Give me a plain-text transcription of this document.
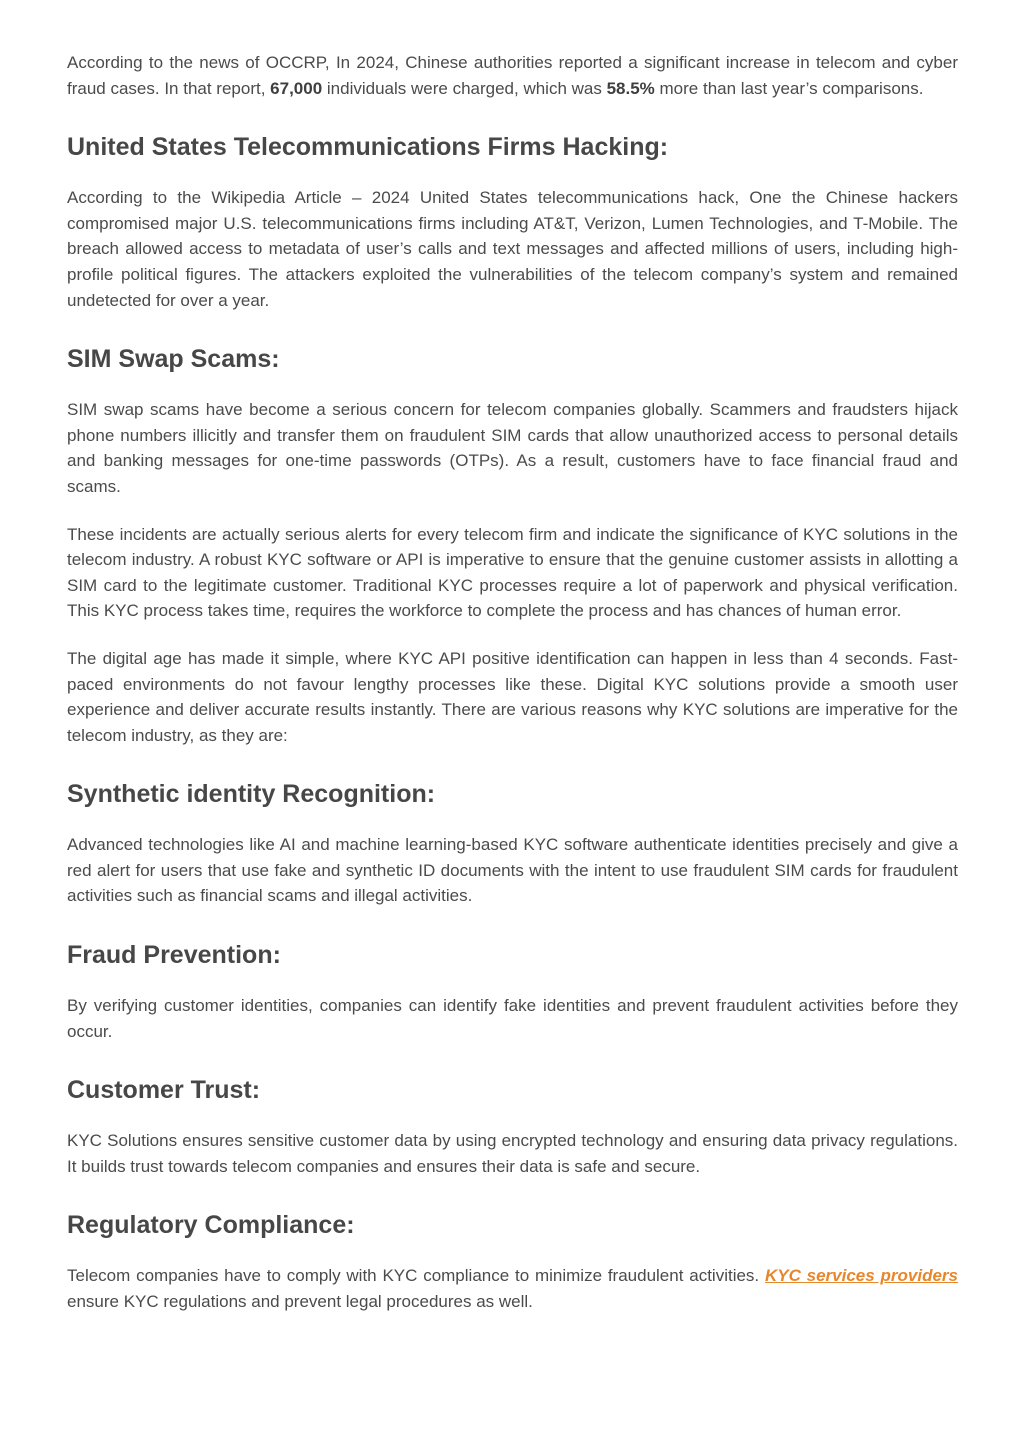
According to the news of OCCRP, In 2024, Chinese authorities reported a significant increase in telecom and cyber fraud cases. In that report, 67,000 individuals were charged, which was 58.5% more than last year’s comparisons.

United States Telecommunications Firms Hacking:

According to the Wikipedia Article – 2024 United States telecommunications hack, One the Chinese hackers compromised major U.S. telecommunications firms including AT&T, Verizon, Lumen Technologies, and T-Mobile. The breach allowed access to metadata of user’s calls and text messages and affected millions of users, including high-profile political figures. The attackers exploited the vulnerabilities of the telecom company’s system and remained undetected for over a year.

SIM Swap Scams:

SIM swap scams have become a serious concern for telecom companies globally. Scammers and fraudsters hijack phone numbers illicitly and transfer them on fraudulent SIM cards that allow unauthorized access to personal details and banking messages for one-time passwords (OTPs). As a result, customers have to face financial fraud and scams.

These incidents are actually serious alerts for every telecom firm and indicate the significance of KYC solutions in the telecom industry. A robust KYC software or API is imperative to ensure that the genuine customer assists in allotting a SIM card to the legitimate customer. Traditional KYC processes require a lot of paperwork and physical verification. This KYC process takes time, requires the workforce to complete the process and has chances of human error.

The digital age has made it simple, where KYC API positive identification can happen in less than 4 seconds. Fast-paced environments do not favour lengthy processes like these. Digital KYC solutions provide a smooth user experience and deliver accurate results instantly. There are various reasons why KYC solutions are imperative for the telecom industry, as they are:

Synthetic identity Recognition:

Advanced technologies like AI and machine learning-based KYC software authenticate identities precisely and give a red alert for users that use fake and synthetic ID documents with the intent to use fraudulent SIM cards for fraudulent activities such as financial scams and illegal activities.

Fraud Prevention:

By verifying customer identities, companies can identify fake identities and prevent fraudulent activities before they occur.

Customer Trust:

KYC Solutions ensures sensitive customer data by using encrypted technology and ensuring data privacy regulations. It builds trust towards telecom companies and ensures their data is safe and secure.

Regulatory Compliance:

Telecom companies have to comply with KYC compliance to minimize fraudulent activities. KYC services providers ensure KYC regulations and prevent legal procedures as well.
